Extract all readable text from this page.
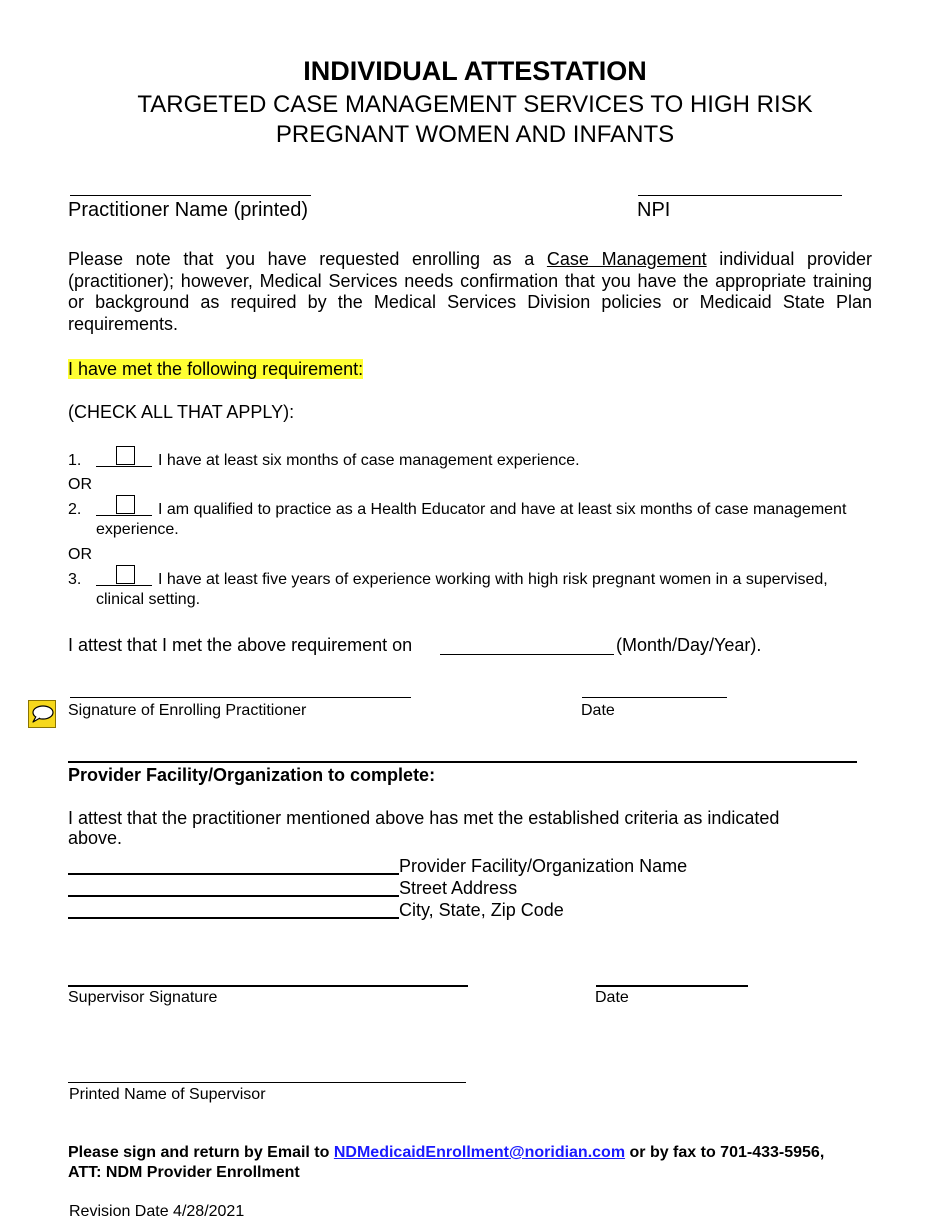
INDIVIDUAL ATTESTATION
TARGETED CASE MANAGEMENT SERVICES TO HIGH RISK
PREGNANT WOMEN AND INFANTS
Practitioner Name (printed)	NPI
Please note that you have requested enrolling as a Case Management individual provider (practitioner); however, Medical Services needs confirmation that you have the appropriate training or background as required by the Medical Services Division policies or Medicaid State Plan requirements.
I have met the following requirement:
(CHECK ALL THAT APPLY):
1.	I have at least six months of case management experience.
OR
2.	I am qualified to practice as a Health Educator and have at least six months of case management
experience.
OR
3.	I have at least five years of experience working with high risk pregnant women in a supervised,
clinical setting.
I attest that I met the above requirement on	(Month/Day/Year).
Signature of Enrolling Practitioner	Date
Provider Facility/Organization to complete:
I attest that the practitioner mentioned above has met the established criteria as indicated above.
Provider Facility/Organization Name
Street Address
City, State, Zip Code
Supervisor Signature	Date
Printed Name of Supervisor
Please sign and return by Email to NDMedicaidEnrollment@noridian.com or by fax to 701-433-5956,
ATT: NDM Provider Enrollment
Revision Date 4/28/2021
